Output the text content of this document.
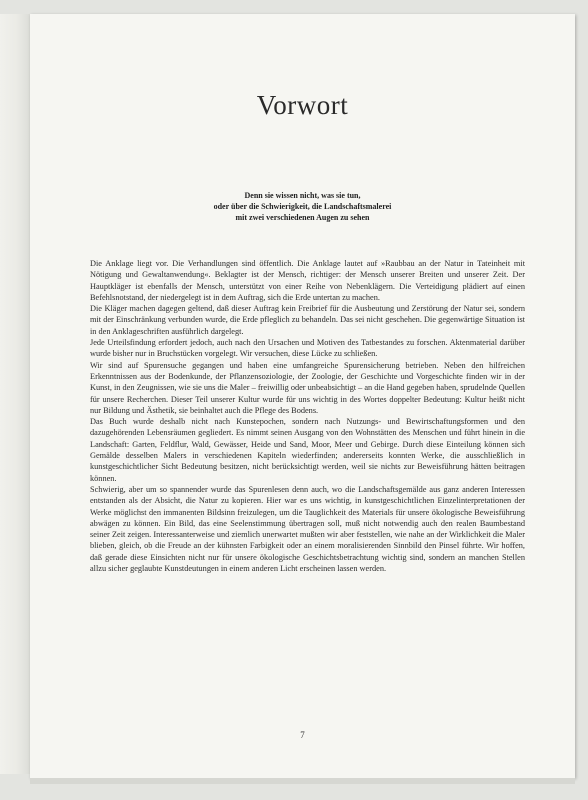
Vorwort
Denn sie wissen nicht, was sie tun,
oder über die Schwierigkeit, die Landschaftsmalerei
mit zwei verschiedenen Augen zu sehen

Die Anklage liegt vor. Die Verhandlungen sind öffentlich. Die Anklage lautet auf »Raubbau an der Natur in Tateinheit mit Nötigung und Gewaltanwendung«. Beklagter ist der Mensch, richtiger: der Mensch unserer Breiten und unserer Zeit. Der Hauptkläger ist ebenfalls der Mensch, unterstützt von einer Reihe von Nebenklägern. Die Verteidigung plädiert auf einen Befehlsnotstand, der niedergelegt ist in dem Auftrag, sich die Erde untertan zu machen.

Die Kläger machen dagegen geltend, daß dieser Auftrag kein Freibrief für die Ausbeutung und Zerstörung der Natur sei, sondern mit der Einschränkung verbunden wurde, die Erde pfleglich zu behandeln. Das sei nicht geschehen. Die gegenwärtige Situation ist in den Anklageschriften ausführlich dargelegt.

Jede Urteilsfindung erfordert jedoch, auch nach den Ursachen und Motiven des Tatbestandes zu forschen. Aktenmaterial darüber wurde bisher nur in Bruchstücken vorgelegt. Wir versuchen, diese Lücke zu schließen.

Wir sind auf Spurensuche gegangen und haben eine umfangreiche Spurensicherung betrieben. Neben den hilfreichen Erkenntnissen aus der Bodenkunde, der Pflanzensoziologie, der Zoologie, der Geschichte und Vorgeschichte finden wir in der Kunst, in den Zeugnissen, wie sie uns die Maler – freiwillig oder unbeabsichtigt – an die Hand gegeben haben, sprudelnde Quellen für unsere Recherchen. Dieser Teil unserer Kultur wurde für uns wichtig in des Wortes doppelter Bedeutung: Kultur heißt nicht nur Bildung und Ästhetik, sie beinhaltet auch die Pflege des Bodens.

Das Buch wurde deshalb nicht nach Kunstepochen, sondern nach Nutzungs- und Bewirtschaftungsformen und den dazugehörenden Lebensräumen gegliedert. Es nimmt seinen Ausgang von den Wohnstätten des Menschen und führt hinein in die Landschaft: Garten, Feldflur, Wald, Gewässer, Heide und Sand, Moor, Meer und Gebirge. Durch diese Einteilung können sich Gemälde desselben Malers in verschiedenen Kapiteln wiederfinden; andererseits konnten Werke, die ausschließlich in kunstgeschichtlicher Sicht Bedeutung besitzen, nicht berücksichtigt werden, weil sie nichts zur Beweisführung hätten beitragen können.

Schwierig, aber um so spannender wurde das Spurenlesen denn auch, wo die Landschaftsgemälde aus ganz anderen Interessen entstanden als der Absicht, die Natur zu kopieren. Hier war es uns wichtig, in kunstgeschichtlichen Einzelinterpretationen der Werke möglichst den immanenten Bildsinn freizulegen, um die Tauglichkeit des Materials für unsere ökologische Beweisführung abwägen zu können. Ein Bild, das eine Seelenstimmung übertragen soll, muß nicht notwendig auch den realen Baumbestand seiner Zeit zeigen. Interessanterweise und ziemlich unerwartet mußten wir aber feststellen, wie nahe an der Wirklichkeit die Maler blieben, gleich, ob die Freude an der kühnsten Farbigkeit oder an einem moralisierenden Sinnbild den Pinsel führte. Wir hoffen, daß gerade diese Einsichten nicht nur für unsere ökologische Geschichtsbetrachtung wichtig sind, sondern an manchen Stellen allzu sicher geglaubte Kunstdeutungen in einem anderen Licht erscheinen lassen werden.

7
